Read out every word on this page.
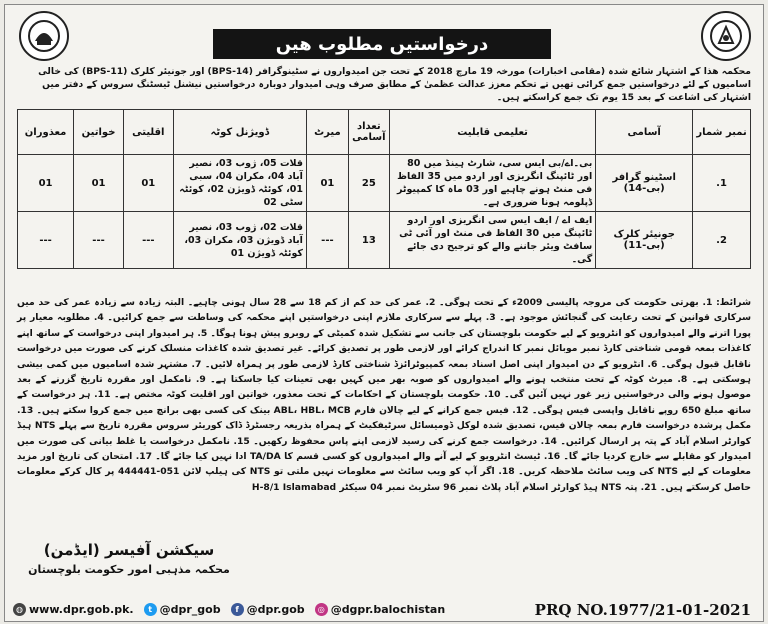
درخواستیں مطلوب ھیں
محکمہ ھذا کے اشتہار شائع شدہ (مقامی اخبارات) مورخہ 19 مارچ 2018 کے تحت جن امیدواروں نے سٹینوگرافر (BPS-14) اور جونیئر کلرک (BPS-11) کی خالی اسامیوں کے لئے درخواستیں جمع کرائی تھیں تے تحکم معزز عدالت عظمیٰ کے مطابق صرف وہی امیدوار دوبارہ درخواستیں نیشنل ٹیسٹنگ سروس کے دفتر میں اشتہار کی اشاعت کے بعد 15 یوم تک جمع کراسکتے ہیں۔
نمبر شمار	آسامی	تعلیمی قابلیت	تعداد آسامی	میرٹ	ڈویژنل کوٹہ	اقلیتی	خواتین	معذوران
1.	اسٹینو گرافر (بی-14)	بی۔اے/بی ایس سی، شارٹ ہینڈ میں 80 اور ٹائپنگ انگریزی اور اردو میں 35 الفاظ فی منٹ ہونے چاہیے اور 03 ماہ کا کمپیوٹر ڈپلومہ ہونا ضروری ہے۔	25	01	قلات 05، ژوب 03، نصیر آباد 04، مکران 04، سبی 01، کوئٹہ ڈویژن 02، کوئٹہ سٹی 02	01	01	01
2.	جونیئر کلرک (بی-11)	ایف اے / ایف ایس سی انگریزی اور اردو ٹائپنگ میں 30 الفاظ فی منٹ اور آئی ٹی سافٹ ویئر جاننے والے کو ترجیح دی جائے گی۔	13	---	قلات 02، ژوب 03، نصیر آباد ڈویژن 03، مکران 03، کوئٹہ ڈویژن 01	---	---	---
شرائط: 1. بھرتی حکومت کی مروجہ پالیسی 2009ء کے تحت ہوگی۔ 2. عمر کی حد کم از کم 18 سے 28 سال ہونی چاہیے۔ البتہ زیادہ سے زیادہ عمر کی حد میں سرکاری قوانین کے تحت رعایت کی گنجائش موجود ہے۔ 3. پہلے سے سرکاری ملازم اپنی درخواستیں اپنے محکمہ کی وساطت سے جمع کرائیں۔ 4. مطلوبہ معیار پر پورا اترنے والے امیدواروں کو انٹرویو کے لیے حکومت بلوچستان کی جانب سے تشکیل شدہ کمیٹی کے روبرو پیش ہونا ہوگا۔ 5. ہر امیدوار اپنی درخواست کے ساتھ اپنے کاغذات بمعہ قومی شناختی کارڈ نمبر موبائل نمبر کا اندراج کرائے اور لازمی طور پر تصدیق کرائے۔ غیر تصدیق شدہ کاغذات منسلک کرنے کی صورت میں درخواست ناقابل قبول ہوگی۔ 6. انٹرویو کے دن امیدوار اپنی اصل اسناد بمعہ کمپیوٹرائزڈ شناختی کارڈ لازمی طور پر ہمراہ لائیں۔ 7. مشتہر شدہ اسامیوں میں کمی بیشی ہوسکتی ہے۔ 8. میرٹ کوٹہ کے تحت منتخب ہونے والے امیدواروں کو صوبہ بھر میں کہیں بھی تعینات کیا جاسکتا ہے۔ 9. نامکمل اور مقررہ تاریخ گزرنے کے بعد موصول ہونے والی درخواستیں زیر غور نہیں آئیں گی۔ 10. حکومت بلوچستان کے احکامات کے تحت معذور، خواتین اور اقلیت کوٹہ مختص ہے۔ 11. ہر درخواست کے ساتھ مبلغ 650 روپے ناقابل واپسی فیس ہوگی۔ 12. فیس جمع کرانے کے لیے چالان فارم ABL، HBL، MCB بینک کی کسی بھی برانچ میں جمع کروا سکتے ہیں۔ 13. مکمل پرشدہ درخواست فارم بمعہ چالان فیس، تصدیق شدہ لوکل ڈومیسائل سرٹیفکیٹ کے ہمراہ بذریعہ رجسٹرڈ ڈاک کوریئر سروس مقررہ تاریخ سے پہلے NTS ہیڈ کوارٹر اسلام آباد کے پتہ پر ارسال کرائیں۔ 14. درخواست جمع کرنے کی رسید لازمی اپنے پاس محفوظ رکھیں۔ 15. نامکمل درخواست یا غلط بیانی کی صورت میں امیدوار کو مقابلے سے خارج کردیا جائے گا۔ 16. ٹیسٹ انٹرویو کے لیے آنے والے امیدواروں کو کسی قسم کا TA/DA ادا نہیں کیا جائے گا۔ 17. امتحان کی تاریخ اور مزید معلومات کے لیے NTS کی ویب سائٹ ملاحظہ کریں۔ 18. اگر آپ کو ویب سائٹ سے معلومات نہیں ملتی تو NTS کی ہیلپ لائن 051-444441 پر کال کرکے معلومات حاصل کرسکتے ہیں۔ 21. پتہ NTS ہیڈ کوارٹر اسلام آباد پلاٹ نمبر 96 سٹریٹ نمبر 04 سیکٹر H-8/1 Islamabad
سیکشن آفیسر (ایڈمن)
محکمہ مذہبی امور حکومت بلوچستان
◍ www.dpr.gob.pk.	t @dpr_gob	f @dpr.gob	◎ @dgpr.balochistan	PRQ NO.1977/21-01-2021
